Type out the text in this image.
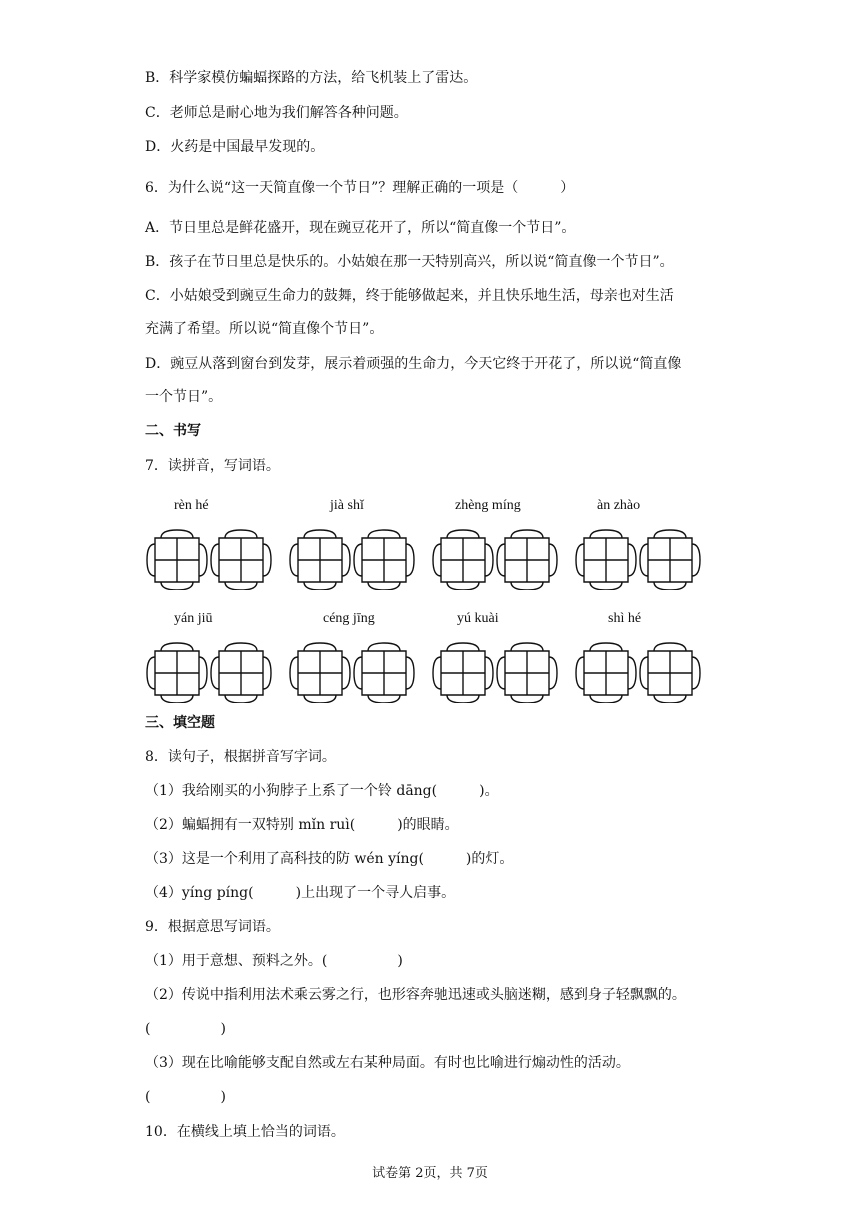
B．科学家模仿蝙蝠探路的方法，给飞机装上了雷达。
C．老师总是耐心地为我们解答各种问题。
D．火药是中国最早发现的。
6．为什么说“这一天简直像一个节日”？理解正确的一项是（　　　）
A．节日里总是鲜花盛开，现在豌豆花开了，所以“简直像一个节日”。
B．孩子在节日里总是快乐的。小姑娘在那一天特别高兴，所以说“简直像一个节日”。
C．小姑娘受到豌豆生命力的鼓舞，终于能够做起来，并且快乐地生活，母亲也对生活
充满了希望。所以说“简直像个节日”。
D．豌豆从落到窗台到发芽，展示着顽强的生命力，今天它终于开花了，所以说“简直像
一个节日”。
二、书写
7．读拼音，写词语。
rèn hé	jià shǐ	zhèng míng	àn zhào
yán jiū	céng jīng	yú kuài	shì hé
三、填空题
8．读句子，根据拼音写字词。
（1）我给刚买的小狗脖子上系了一个铃 dāng(　　　)。
（2）蝙蝠拥有一双特别 mǐn ruì(　　　)的眼睛。
（3）这是一个利用了高科技的防 wén yíng(　　　)的灯。
（4）yíng píng(　　　)上出现了一个寻人启事。
9．根据意思写词语。
（1）用于意想、预料之外。(　　　　　)
（2）传说中指利用法术乘云雾之行，也形容奔驰迅速或头脑迷糊，感到身子轻飘飘的。
(　　　　　)
（3）现在比喻能够支配自然或左右某种局面。有时也比喻进行煽动性的活动。
(　　　　　)
10．在横线上填上恰当的词语。
试卷第 2页，共 7页
